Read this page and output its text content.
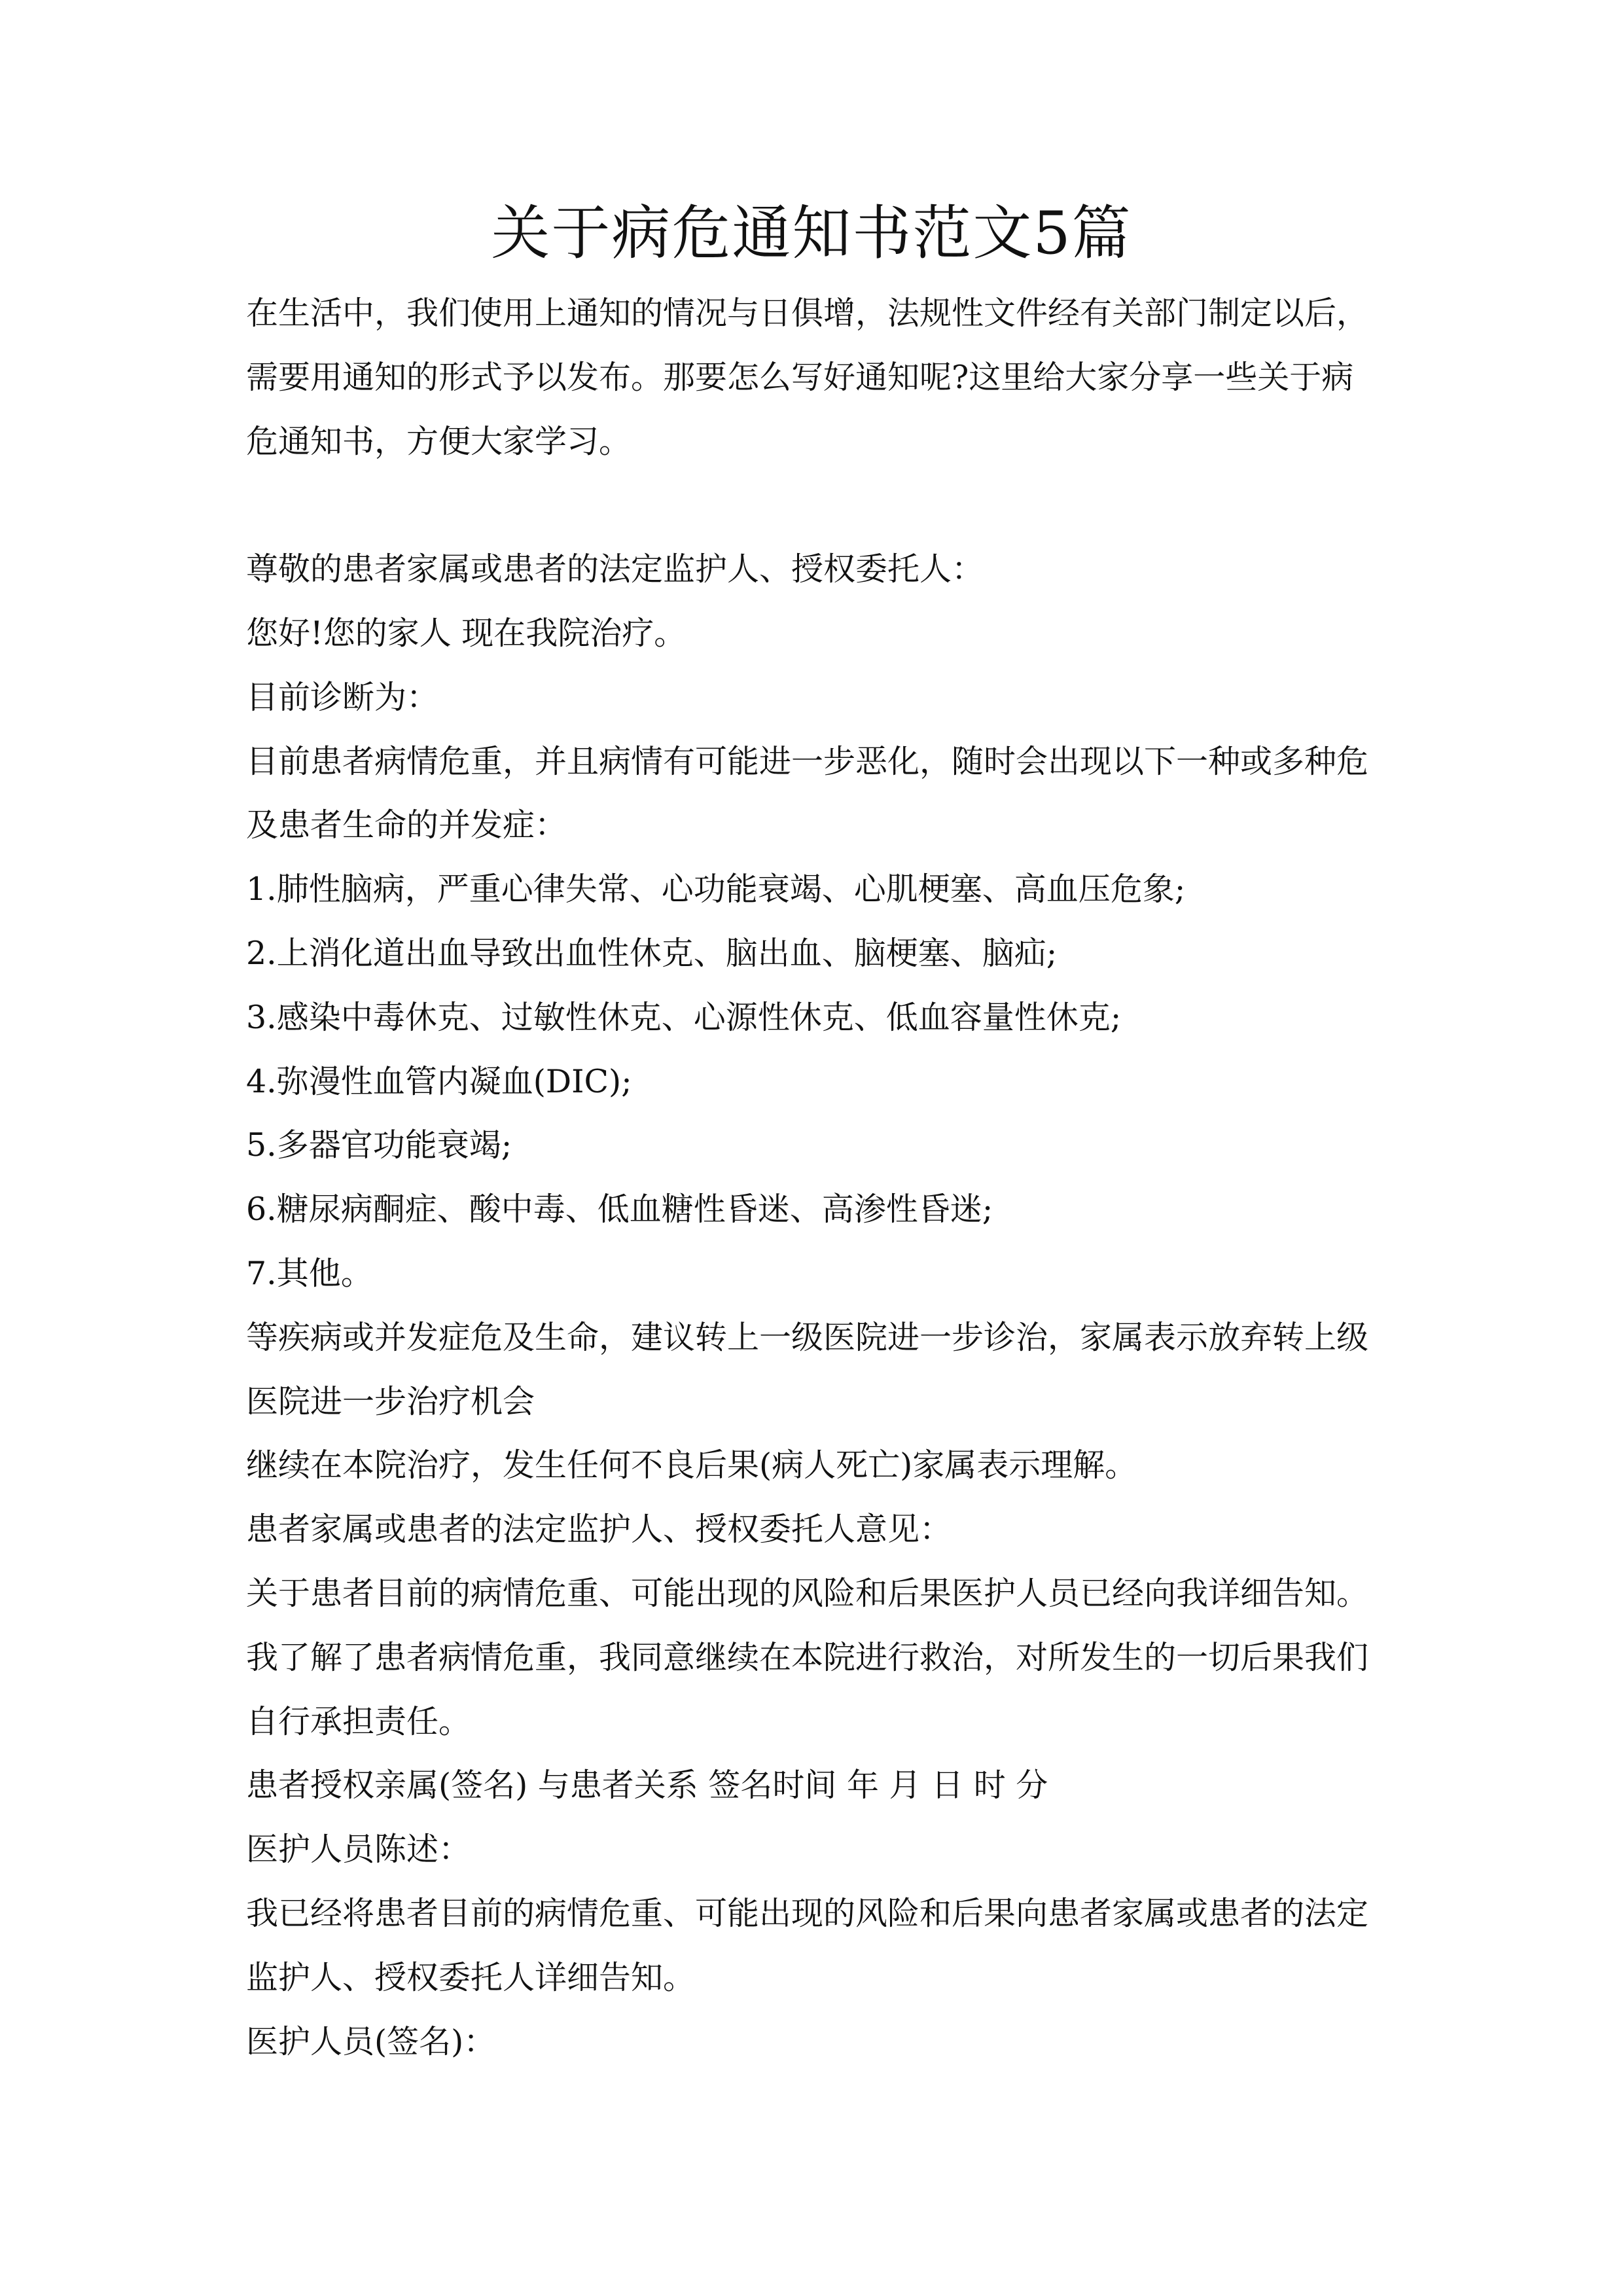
关于病危通知书范文5篇
在生活中，我们使用上通知的情况与日俱增，法规性文件经有关部门制定以后，
需要用通知的形式予以发布。那要怎么写好通知呢?这里给大家分享一些关于病
危通知书，方便大家学习。
尊敬的患者家属或患者的法定监护人、授权委托人：
您好!您的家人 现在我院治疗。
目前诊断为：
目前患者病情危重，并且病情有可能进一步恶化，随时会出现以下一种或多种危
及患者生命的并发症：
1.肺性脑病，严重心律失常、心功能衰竭、心肌梗塞、高血压危象;
2.上消化道出血导致出血性休克、脑出血、脑梗塞、脑疝;
3.感染中毒休克、过敏性休克、心源性休克、低血容量性休克;
4.弥漫性血管内凝血(DIC);
5.多器官功能衰竭;
6.糖尿病酮症、酸中毒、低血糖性昏迷、高渗性昏迷;
7.其他。
等疾病或并发症危及生命，建议转上一级医院进一步诊治，家属表示放弃转上级
医院进一步治疗机会
继续在本院治疗，发生任何不良后果(病人死亡)家属表示理解。
患者家属或患者的法定监护人、授权委托人意见：
关于患者目前的病情危重、可能出现的风险和后果医护人员已经向我详细告知。
我了解了患者病情危重，我同意继续在本院进行救治，对所发生的一切后果我们
自行承担责任。
患者授权亲属(签名) 与患者关系 签名时间 年 月 日 时 分
医护人员陈述：
我已经将患者目前的病情危重、可能出现的风险和后果向患者家属或患者的法定
监护人、授权委托人详细告知。
医护人员(签名)：
